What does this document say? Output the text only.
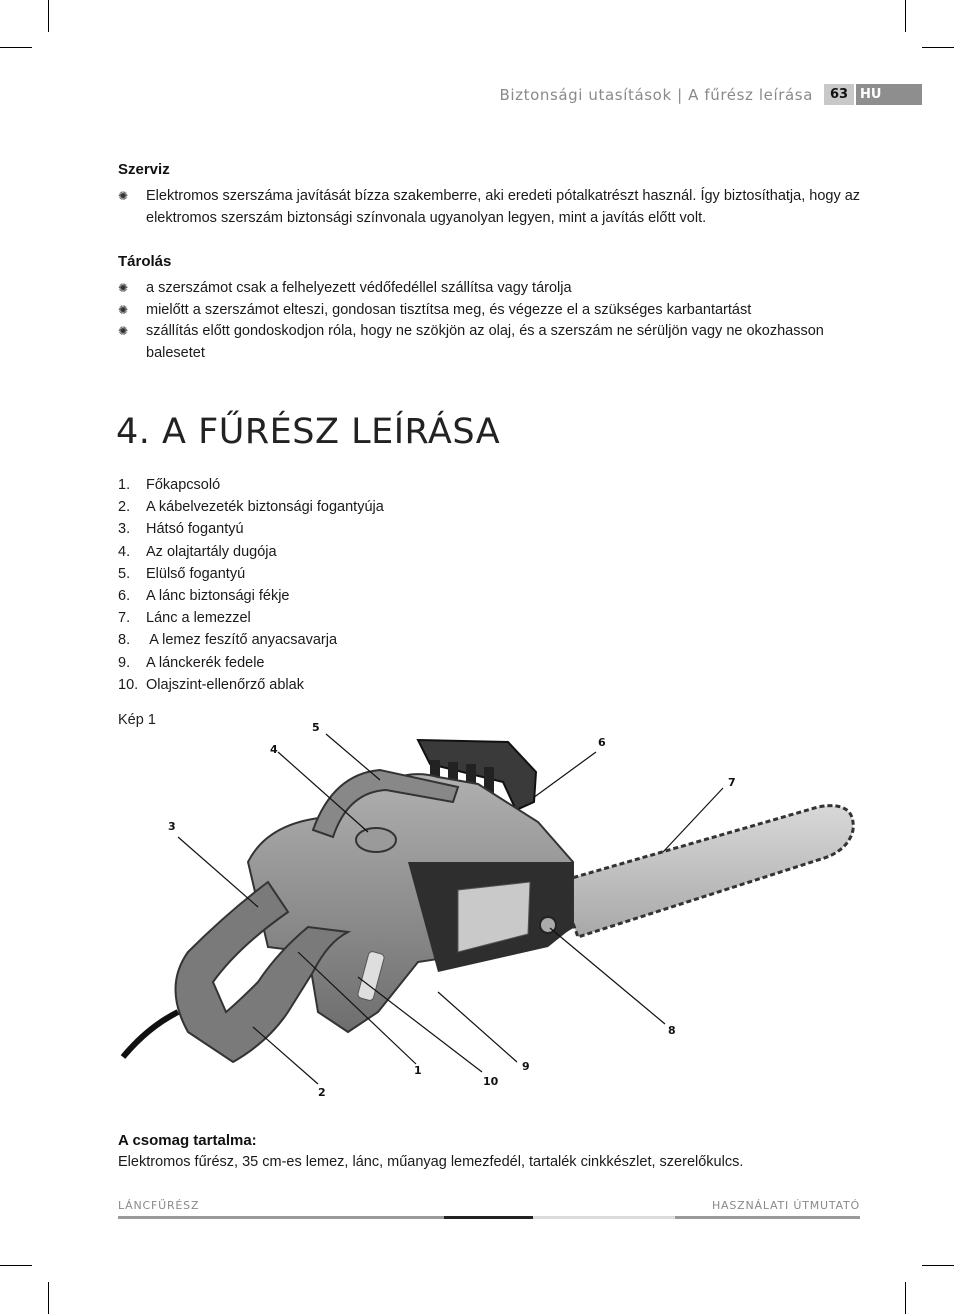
Biztonsági utasítások | A fűrész leírása	63 HU
Szerviz
✺ Elektromos szerszáma javítását bízza szakemberre, aki eredeti pótalkatrészt használ. Így biztosíthatja, hogy az elektromos szerszám biztonsági színvonala ugyanolyan legyen, mint a javítás előtt volt.
Tárolás
✺ a szerszámot csak a felhelyezett védőfedéllel szállítsa vagy tárolja
✺ mielőtt a szerszámot elteszi, gondosan tisztítsa meg, és végezze el a szükséges karbantartást
✺ szállítás előtt gondoskodjon róla, hogy ne szökjön az olaj, és a szerszám ne sérüljön vagy ne okozhasson balesetet
4. A FŰRÉSZ LEÍRÁSA
1. Főkapcsoló
2. A kábelvezeték biztonsági fogantyúja
3. Hátsó fogantyú
4. Az olajtartály dugója
5. Elülső fogantyú
6. A lánc biztonsági fékje
7. Lánc a lemezzel
8. A lemez feszítő anyacsavarja
9. A lánckerék fedele
10. Olajszint-ellenőrző ablak
Kép 1	5
4
3
6
7
8
9
10
1
2
A csomag tartalma:
Elektromos fűrész, 35 cm-es lemez, lánc, műanyag lemezfedél, tartalék cinkkészlet, szerelőkulcs.
LÁNCFŰRÉSZ	HASZNÁLATI ÚTMUTATÓ
